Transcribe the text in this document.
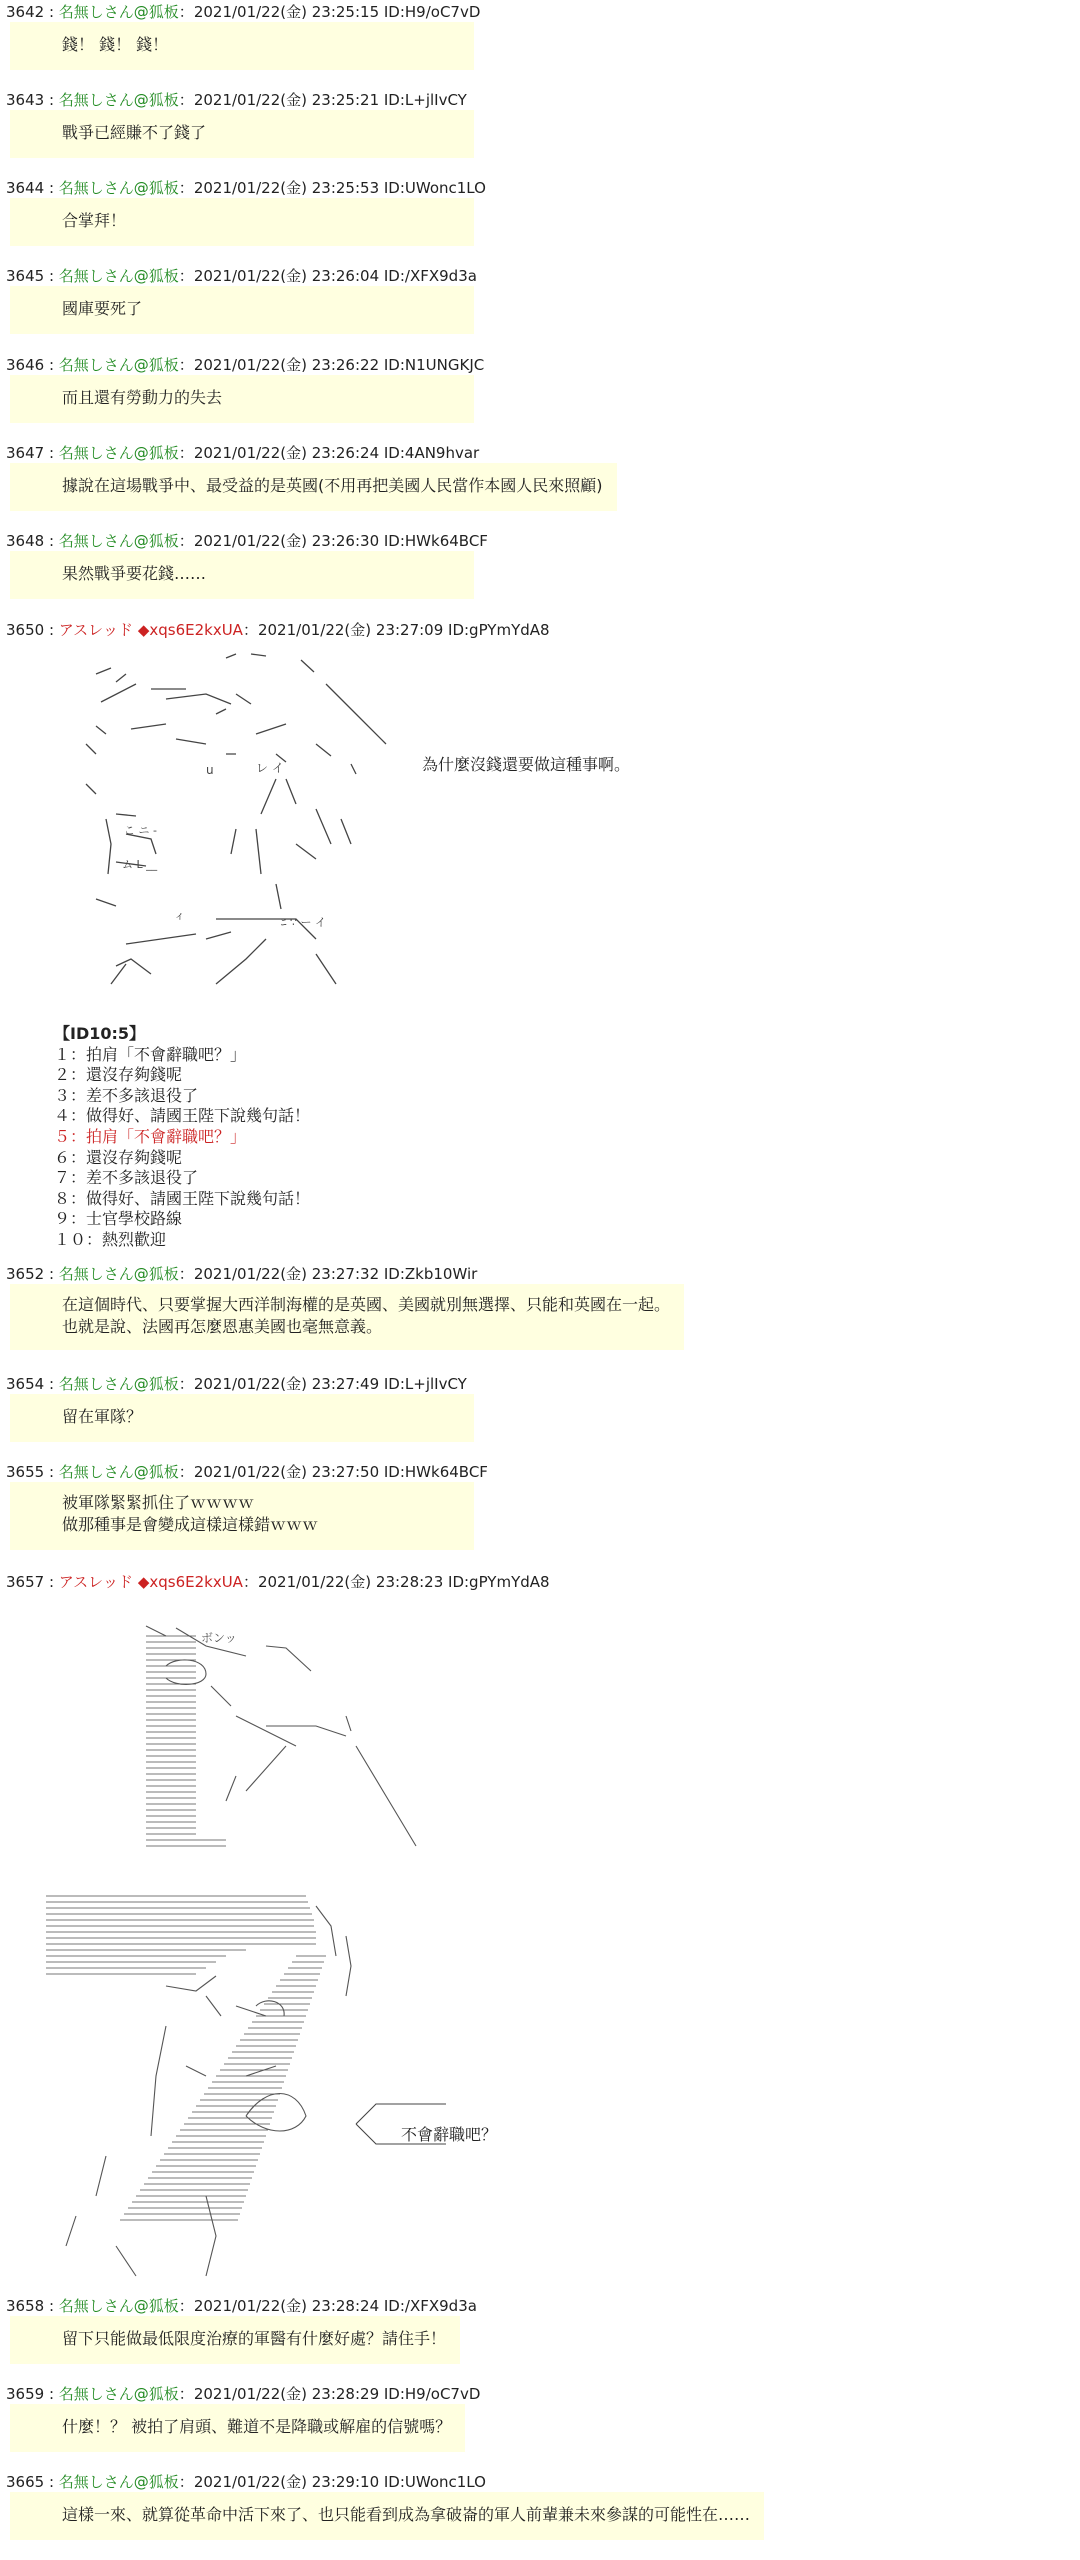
3642 : 名無しさん@狐板：2021/01/22(金) 23:25:15 ID:H9/oC7vD
錢！ 錢！ 錢！
3643 : 名無しさん@狐板：2021/01/22(金) 23:25:21 ID:L+jlIvCY
戰爭已經賺不了錢了
3644 : 名無しさん@狐板：2021/01/22(金) 23:25:53 ID:UWonc1LO
合掌拜！
3645 : 名無しさん@狐板：2021/01/22(金) 23:26:04 ID:/XFX9d3a
國庫要死了
3646 : 名無しさん@狐板：2021/01/22(金) 23:26:22 ID:N1UNGKJC
而且還有勞動力的失去
3647 : 名無しさん@狐板：2021/01/22(金) 23:26:24 ID:4AN9hvar
據說在這場戰爭中、最受益的是英國(不用再把美國人民當作本國人民來照顧)
3648 : 名無しさん@狐板：2021/01/22(金) 23:26:30 ID:HWk64BCF
果然戰爭要花錢……
3650 : アスレッド ◆xqs6E2kxUA：2021/01/22(金) 23:27:09 ID:gPYmYdA8
u	レ イ
こ ニ ‐
ム L __
ィ
ﾆ ∵ ー イ
為什麼沒錢還要做這種事啊。
【ID10:5】
１：拍肩「不會辭職吧？」
２：還沒存夠錢呢
３：差不多該退役了
４：做得好、請國王陛下說幾句話！
５：拍肩「不會辭職吧？」
６：還沒存夠錢呢
７：差不多該退役了
８：做得好、請國王陛下說幾句話！
９：士官學校路線
１０：熱烈歡迎
3652 : 名無しさん@狐板：2021/01/22(金) 23:27:32 ID:Zkb10Wir
在這個時代、只要掌握大西洋制海權的是英國、美國就別無選擇、只能和英國在一起。
也就是說、法國再怎麼恩惠美國也毫無意義。
3654 : 名無しさん@狐板：2021/01/22(金) 23:27:49 ID:L+jlIvCY
留在軍隊？
3655 : 名無しさん@狐板：2021/01/22(金) 23:27:50 ID:HWk64BCF
被軍隊緊緊抓住了ｗｗｗｗ
做那種事是會變成這樣這樣錯ｗｗｗ
3657 : アスレッド ◆xqs6E2kxUA：2021/01/22(金) 23:28:23 ID:gPYmYdA8
ボンッ
不會辭職吧？
3658 : 名無しさん@狐板：2021/01/22(金) 23:28:24 ID:/XFX9d3a
留下只能做最低限度治療的軍醫有什麼好處？請住手！
3659 : 名無しさん@狐板：2021/01/22(金) 23:28:29 ID:H9/oC7vD
什麼！？ 被拍了肩頭、難道不是降職或解雇的信號嗎？
3665 : 名無しさん@狐板：2021/01/22(金) 23:29:10 ID:UWonc1LO
這樣一來、就算從革命中活下來了、也只能看到成為拿破崙的軍人前輩兼未來參謀的可能性在……
